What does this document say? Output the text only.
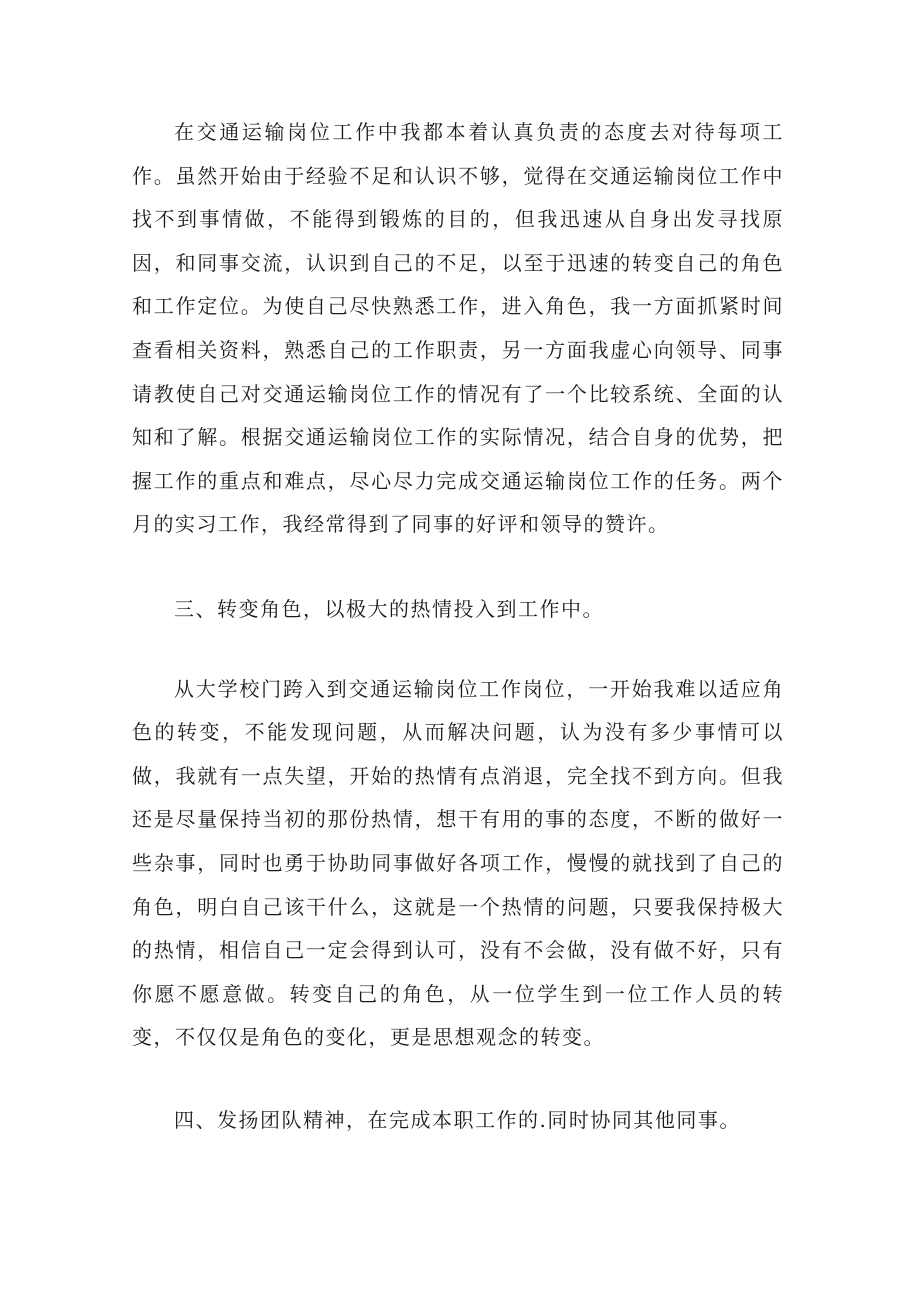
在交通运输岗位工作中我都本着认真负责的态度去对待每项工作。虽然开始由于经验不足和认识不够，觉得在交通运输岗位工作中找不到事情做，不能得到锻炼的目的，但我迅速从自身出发寻找原因，和同事交流，认识到自己的不足，以至于迅速的转变自己的角色和工作定位。为使自己尽快熟悉工作，进入角色，我一方面抓紧时间查看相关资料，熟悉自己的工作职责，另一方面我虚心向领导、同事请教使自己对交通运输岗位工作的情况有了一个比较系统、全面的认知和了解。根据交通运输岗位工作的实际情况，结合自身的优势，把握工作的重点和难点，尽心尽力完成交通运输岗位工作的任务。两个月的实习工作，我经常得到了同事的好评和领导的赞许。

三、转变角色，以极大的热情投入到工作中。

从大学校门跨入到交通运输岗位工作岗位，一开始我难以适应角色的转变，不能发现问题，从而解决问题，认为没有多少事情可以做，我就有一点失望，开始的热情有点消退，完全找不到方向。但我还是尽量保持当初的那份热情，想干有用的事的态度，不断的做好一些杂事，同时也勇于协助同事做好各项工作，慢慢的就找到了自己的角色，明白自己该干什么，这就是一个热情的问题，只要我保持极大的热情，相信自己一定会得到认可，没有不会做，没有做不好，只有你愿不愿意做。转变自己的角色，从一位学生到一位工作人员的转变，不仅仅是角色的变化，更是思想观念的转变。

四、发扬团队精神，在完成本职工作的.同时协同其他同事。
